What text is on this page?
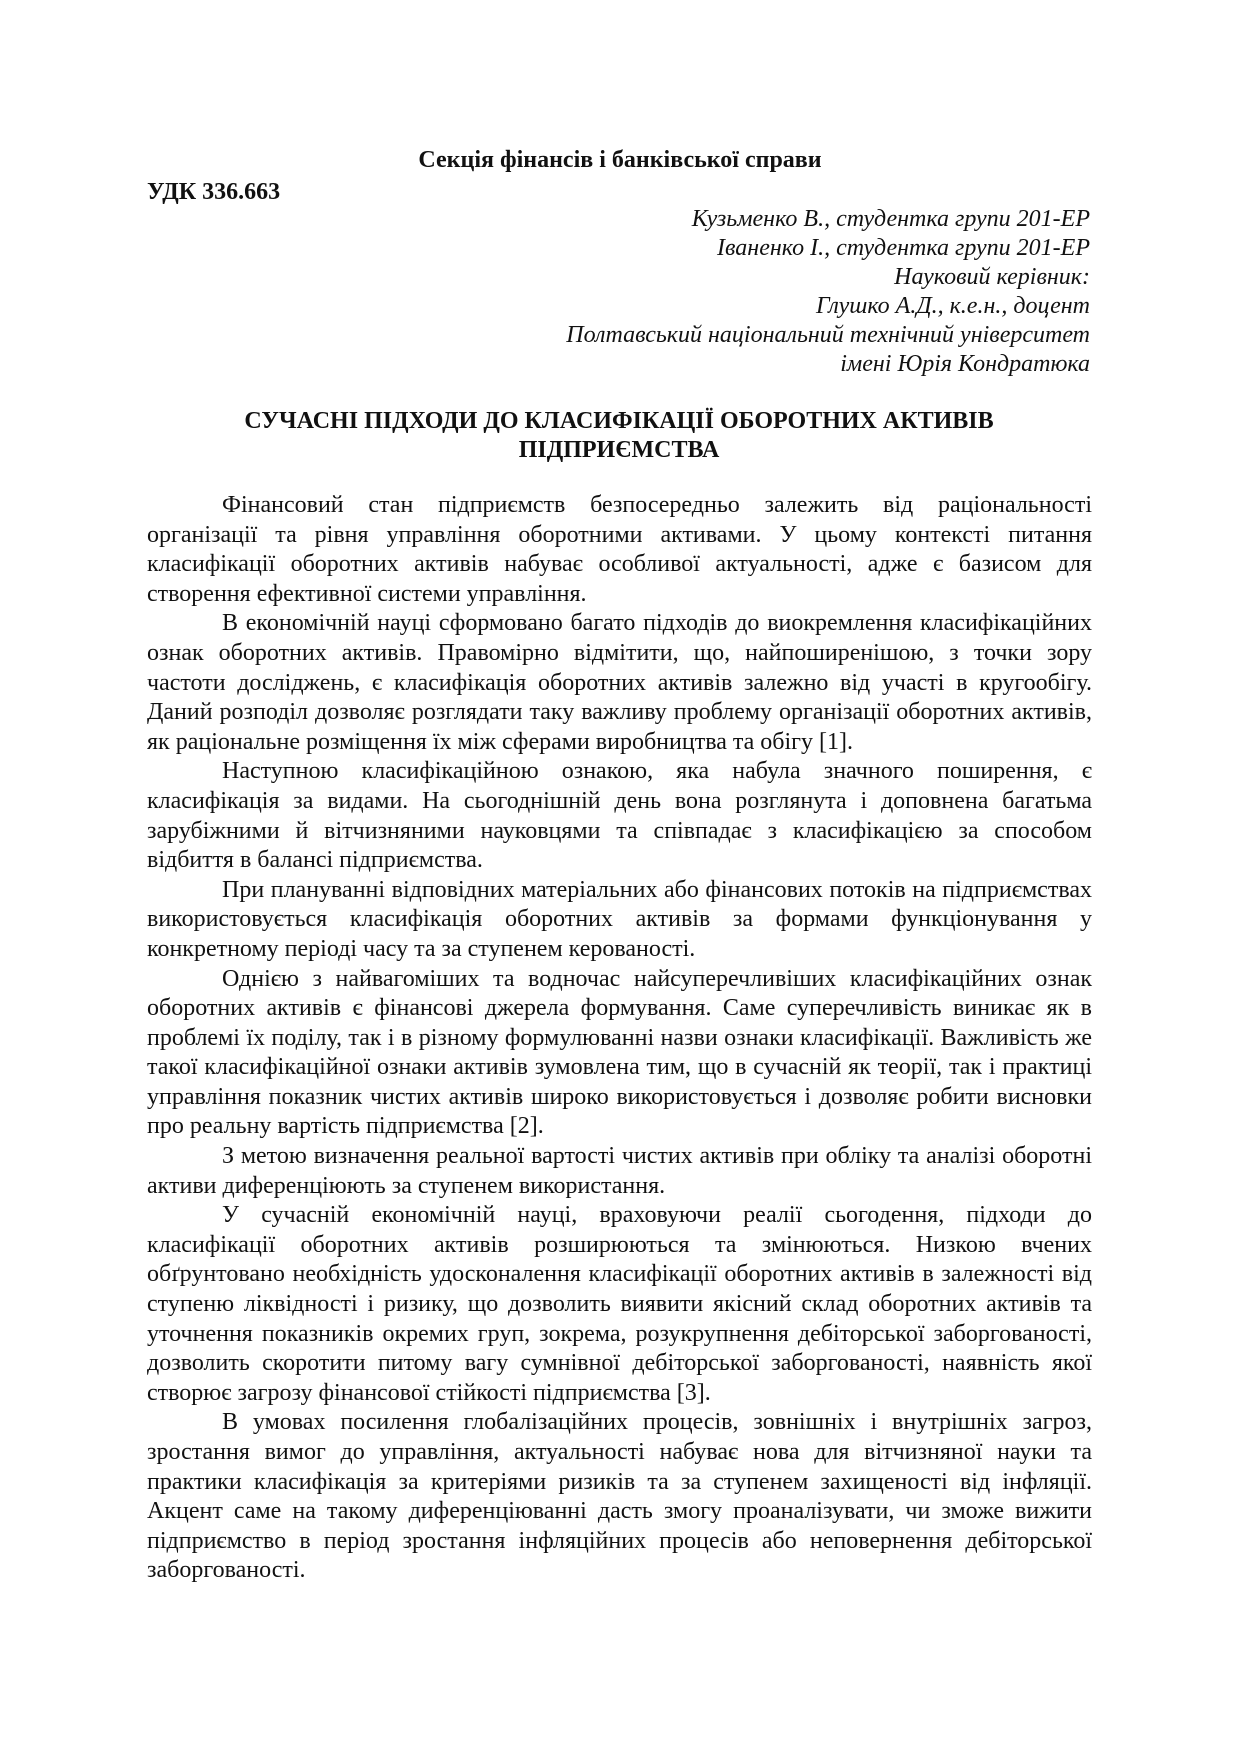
Секція фінансів і банківської справи
УДК 336.663
Кузьменко В., студентка групи 201-ЕР
Іваненко І., студентка групи 201-ЕР
Науковий керівник:
Глушко А.Д., к.е.н., доцент
Полтавський національний технічний університет
імені Юрія Кондратюка
СУЧАСНІ ПІДХОДИ ДО КЛАСИФІКАЦІЇ ОБОРОТНИХ АКТИВІВ
ПІДПРИЄМСТВА

Фінансовий стан підприємств безпосередньо залежить від раціональності організації та рівня управління оборотними активами. У цьому контексті питання класифікації оборотних активів набуває особливої актуальності, адже є базисом для створення ефективної системи управління.

В економічній науці сформовано багато підходів до виокремлення класифікаційних ознак оборотних активів. Правомірно відмітити, що, найпоширенішою, з точки зору частоти досліджень, є класифікація оборотних активів залежно від участі в кругообігу. Даний розподіл дозволяє розглядати таку важливу проблему організації оборотних активів, як раціональне розміщення їх між сферами виробництва та обігу [1].

Наступною класифікаційною ознакою, яка набула значного поширення, є класифікація за видами. На сьогоднішній день вона розглянута і доповнена багатьма зарубіжними й вітчизняними науковцями та співпадає з класифікацією за способом відбиття в балансі підприємства.

При плануванні відповідних матеріальних або фінансових потоків на підприємствах використовується класифікація оборотних активів за формами функціонування у конкретному періоді часу та за ступенем керованості.

Однією з найвагоміших та водночас найсуперечливіших класифікаційних ознак оборотних активів є фінансові джерела формування. Саме суперечливість виникає як в проблемі їх поділу, так і в різному формулюванні назви ознаки класифікації. Важливість же такої класифікаційної ознаки активів зумовлена тим, що в сучасній як теорії, так і практиці управління показник чистих активів широко використовується і дозволяє робити висновки про реальну вартість підприємства [2].

З метою визначення реальної вартості чистих активів при обліку та аналізі оборотні активи диференціюють за ступенем використання.

У сучасній економічній науці, враховуючи реалії сьогодення, підходи до класифікації оборотних активів розширюються та змінюються. Низкою вчених обґрунтовано необхідність удосконалення класифікації оборотних активів в залежності від ступеню ліквідності і ризику, що дозволить виявити якісний склад оборотних активів та уточнення показників окремих груп, зокрема, розукрупнення дебіторської заборгованості, дозволить скоротити питому вагу сумнівної дебіторської заборгованості, наявність якої створює загрозу фінансової стійкості підприємства [3].

В умовах посилення глобалізаційних процесів, зовнішніх і внутрішніх загроз, зростання вимог до управління, актуальності набуває нова для вітчизняної науки та практики класифікація за критеріями ризиків та за ступенем захищеності від інфляції. Акцент саме на такому диференціюванні дасть змогу проаналізувати, чи зможе вижити підприємство в період зростання інфляційних процесів або неповернення дебіторської заборгованості.
